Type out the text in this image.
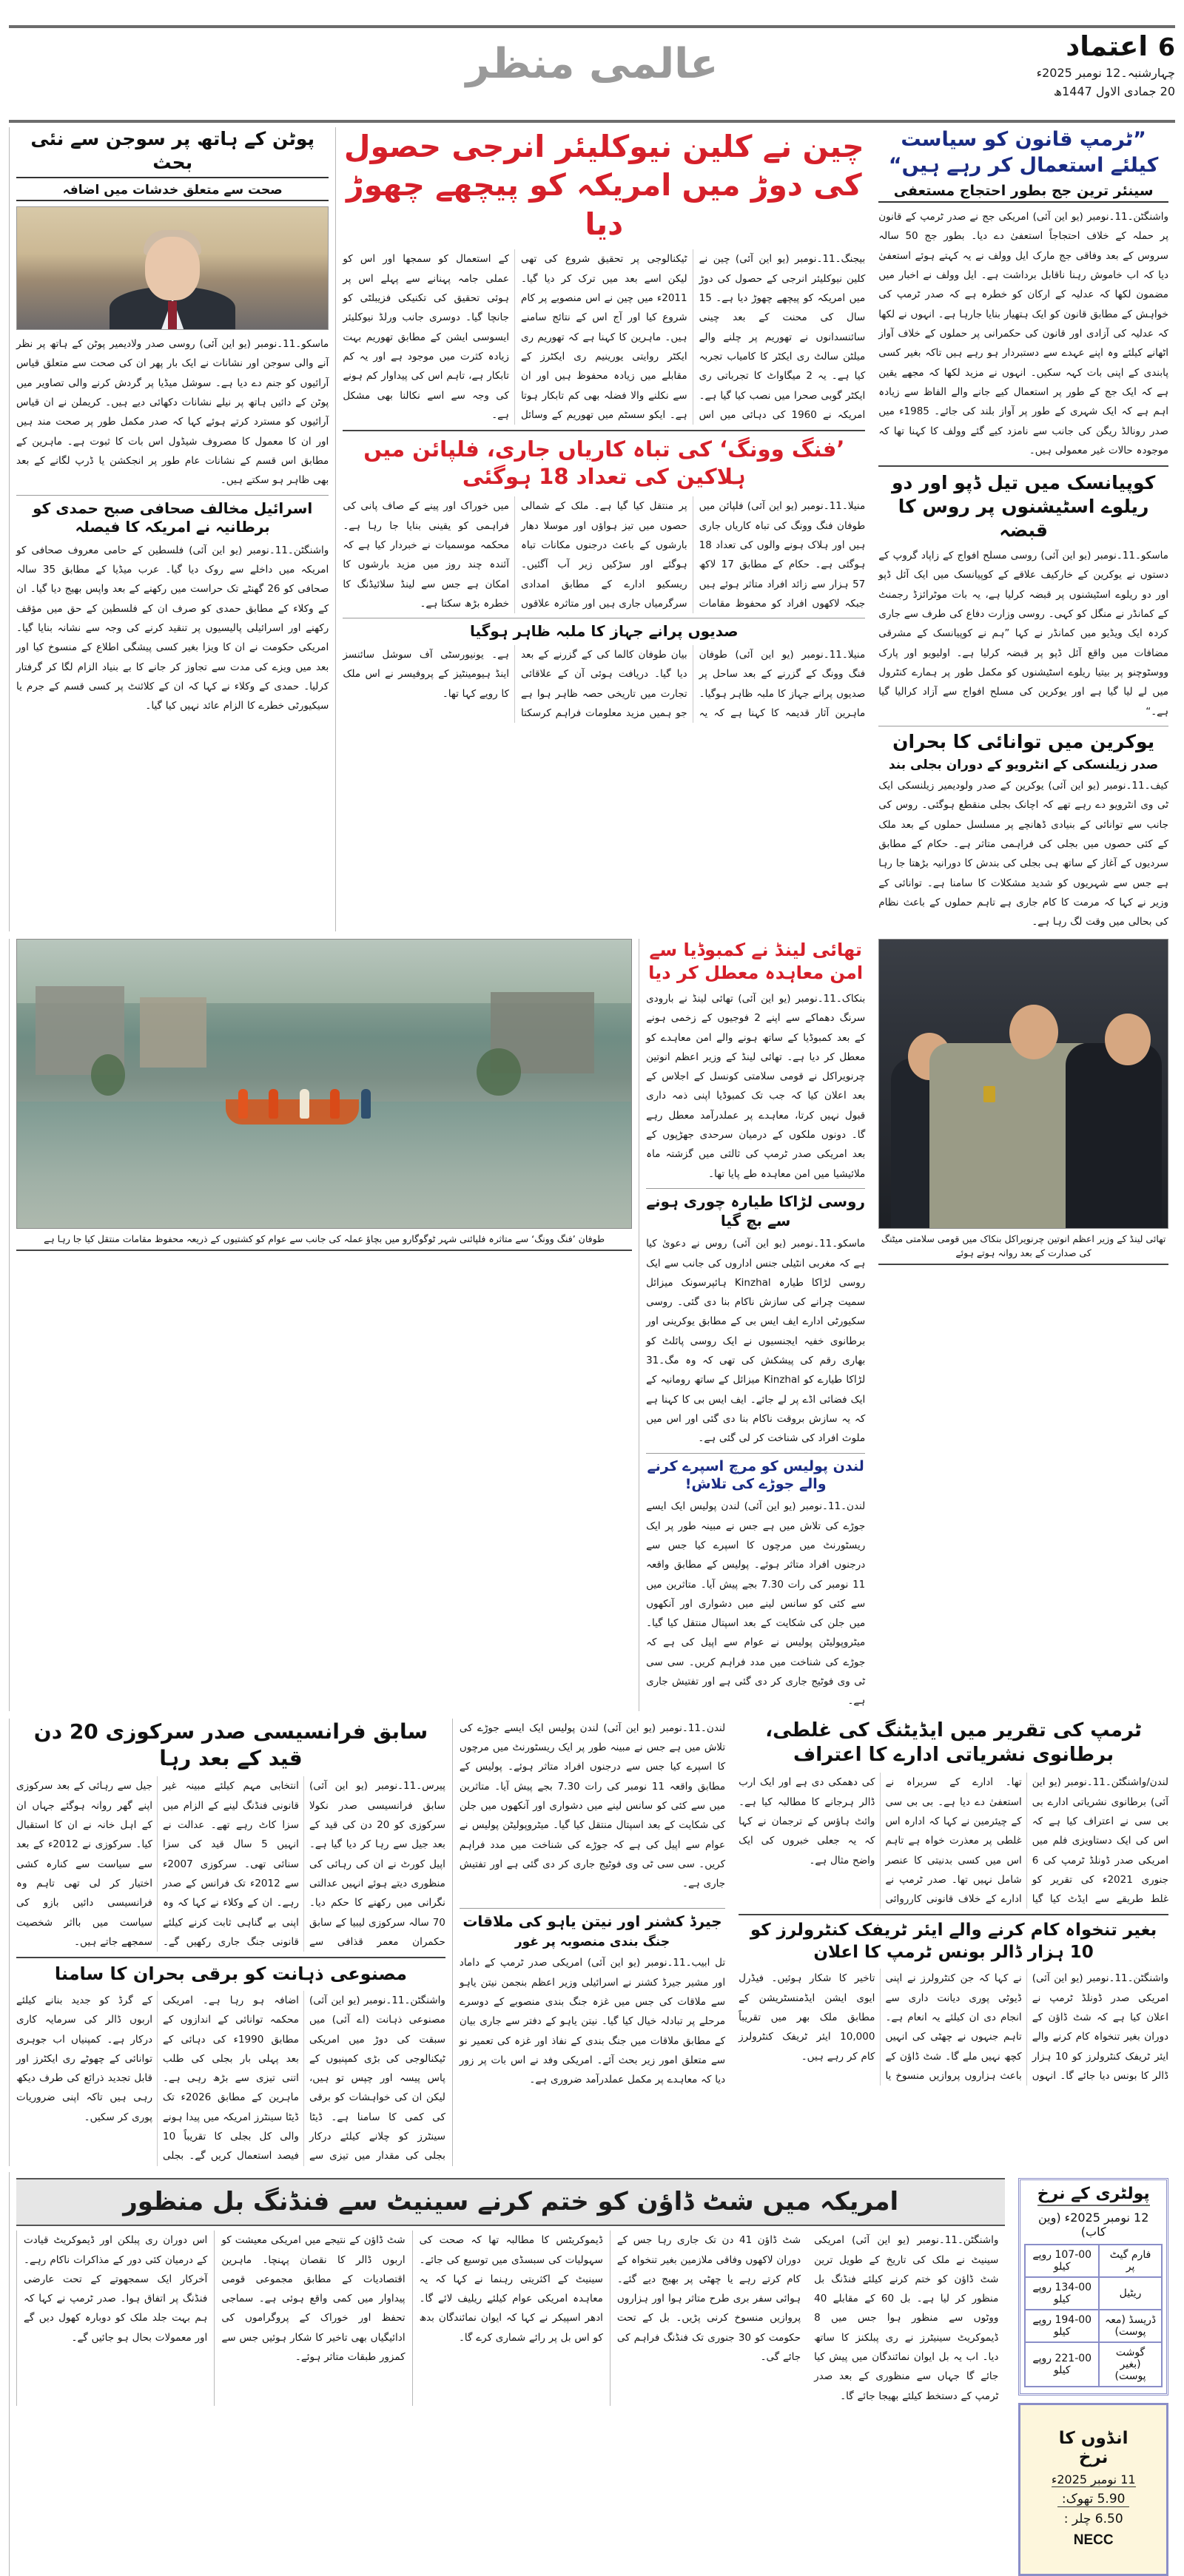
6اعتماد
چہارشنبہ۔12 نومبر 2025ء
20 جمادی الاول 1447ھ
عالمی منظر
”ٹرمپ قانون کو سیاست کیلئے استعمال کر رہے ہیں“
سینئر ترین جج بطور احتجاج مستعفی
واشنگٹن۔11۔نومبر (یو این آئی) امریکی جج نے صدر ٹرمپ کے قانون پر حملہ کے خلاف احتجاجاً استعفیٰ دے دیا۔ بطور جج 50 سالہ سروس کے بعد وفاقی جج مارک ایل وولف نے یہ کہتے ہوئے استعفیٰ دیا کہ اب خاموش رہنا ناقابل برداشت ہے۔ ایل وولف نے اخبار میں مضمون لکھا کہ عدلیہ کے ارکان کو خطرہ ہے کہ صدر ٹرمپ کی خواہش کے مطابق قانون کو ایک ہتھیار بنایا جارہا ہے۔ انہوں نے لکھا کہ عدلیہ کی آزادی اور قانون کی حکمرانی پر حملوں کے خلاف آواز اٹھانے کیلئے وہ اپنے عہدے سے دستبردار ہو رہے ہیں تاکہ بغیر کسی پابندی کے اپنی بات کہہ سکیں۔ انہوں نے مزید لکھا کہ مجھے یقین ہے کہ ایک جج کے طور پر استعمال کیے جانے والے الفاظ سے زیادہ اہم ہے کہ ایک شہری کے طور پر آواز بلند کی جائے۔ 1985ء میں صدر رونالڈ ریگن کی جانب سے نامزد کیے گئے وولف کا کہنا تھا کہ موجودہ حالات غیر معمولی ہیں۔
کوپیانسک میں تیل ڈپو اور دو ریلوے اسٹیشنوں پر روس کا قبضہ
ماسکو۔11۔نومبر (یو این آئی) روسی مسلح افواج کے زاپاد گروپ کے دستوں نے یوکرین کے خارکیف علاقے کے کوپیانسک میں ایک آئل ڈپو اور دو ریلوے اسٹیشنوں پر قبضہ کرلیا ہے، یہ بات موٹرائزڈ رجمنٹ کے کمانڈر نے منگل کو کہی۔ روسی وزارت دفاع کی طرف سے جاری کردہ ایک ویڈیو میں کمانڈر نے کہا ”ہم نے کوپیانسک کے مشرقی مضافات میں واقع آئل ڈپو پر قبضہ کرلیا ہے۔ اولیویو اور پارک ووسٹوچنو پر بیتیا ریلوے اسٹیشنوں کو مکمل طور پر ہمارے کنٹرول میں لے لیا گیا ہے اور یوکرین کی مسلح افواج سے آزاد کرالیا گیا ہے۔“
یوکرین میں توانائی کا بحران
صدر زیلنسکی کے انٹرویو کے دوران بجلی بند
کیف۔11۔نومبر (یو این آئی) یوکرین کے صدر ولودیمیر زیلنسکی ایک ٹی وی انٹرویو دے رہے تھے کہ اچانک بجلی منقطع ہوگئی۔ روس کی جانب سے توانائی کے بنیادی ڈھانچے پر مسلسل حملوں کے بعد ملک کے کئی حصوں میں بجلی کی فراہمی متاثر ہے۔ حکام کے مطابق سردیوں کے آغاز کے ساتھ ہی بجلی کی بندش کا دورانیہ بڑھتا جا رہا ہے جس سے شہریوں کو شدید مشکلات کا سامنا ہے۔ توانائی کے وزیر نے کہا کہ مرمت کا کام جاری ہے تاہم حملوں کے باعث نظام کی بحالی میں وقت لگ رہا ہے۔
چین نے کلین نیوکلیئر انرجی حصول کی دوڑ میں امریکہ کو پیچھے چھوڑ دیا
بیجنگ۔11۔نومبر (یو این آئی) چین نے کلین نیوکلیئر انرجی کے حصول کی دوڑ میں امریکہ کو پیچھے چھوڑ دیا ہے۔ 15 سال کی محنت کے بعد چینی سائنسدانوں نے تھوریم پر چلنے والے میلٹن سالٹ ری ایکٹر کا کامیاب تجربہ کیا ہے۔ یہ 2 میگاواٹ کا تجرباتی ری ایکٹر گوبی صحرا میں نصب کیا گیا ہے۔ امریکہ نے 1960 کی دہائی میں اس ٹیکنالوجی پر تحقیق شروع کی تھی لیکن اسے بعد میں ترک کر دیا گیا۔ 2011ء میں چین نے اس منصوبے پر کام شروع کیا اور آج اس کے نتائج سامنے ہیں۔ ماہرین کا کہنا ہے کہ تھوریم ری ایکٹر روایتی یورینیم ری ایکٹرز کے مقابلے میں زیادہ محفوظ ہیں اور ان سے نکلنے والا فضلہ بھی کم تابکار ہوتا ہے۔ ایکو سسٹم میں تھوریم کے وسائل کے استعمال کو سمجھا اور اس کو عملی جامہ پہنانے سے پہلے اس پر ہوئی تحقیق کی تکنیکی فزیبلٹی کو جانچا گیا۔ دوسری جانب ورلڈ نیوکلیئر ایسوسی ایشن کے مطابق تھوریم بہت زیادہ کثرت میں موجود ہے اور یہ کم تابکار ہے، تاہم اس کی پیداوار کم ہونے کی وجہ سے اسے نکالنا بھی مشکل ہے۔
’فنگ وونگ‘ کی تباہ کاریاں جاری، فلپائن میں ہلاکین کی تعداد 18 ہوگئی
منیلا۔11۔نومبر (یو این آئی) فلپائن میں طوفان فنگ وونگ کی تباہ کاریاں جاری ہیں اور ہلاک ہونے والوں کی تعداد 18 ہوگئی ہے۔ حکام کے مطابق 17 لاکھ 57 ہزار سے زائد افراد متاثر ہوئے ہیں جبکہ لاکھوں افراد کو محفوظ مقامات پر منتقل کیا گیا ہے۔ ملک کے شمالی حصوں میں تیز ہواؤں اور موسلا دھار بارشوں کے باعث درجنوں مکانات تباہ ہوگئے اور سڑکیں زیر آب آگئیں۔ ریسکیو ادارے کے مطابق امدادی سرگرمیاں جاری ہیں اور متاثرہ علاقوں میں خوراک اور پینے کے صاف پانی کی فراہمی کو یقینی بنایا جا رہا ہے۔ محکمہ موسمیات نے خبردار کیا ہے کہ آئندہ چند روز میں مزید بارشوں کا امکان ہے جس سے لینڈ سلائیڈنگ کا خطرہ بڑھ سکتا ہے۔
صدیوں پرانے جہاز کا ملبہ ظاہر ہوگیا
منیلا۔11۔نومبر (یو این آئی) طوفان فنگ وونگ کے گزرنے کے بعد ساحل پر صدیوں پرانے جہاز کا ملبہ ظاہر ہوگیا۔ ماہرین آثار قدیمہ کا کہنا ہے کہ یہ بیان طوفان کالما کی کے گزرنے کے بعد دیا گیا۔ دریافت ہوئی آن کے علاقائی تجارت میں تاریخی حصہ ظاہر ہوا ہے جو ہمیں مزید معلومات فراہم کرسکتا ہے۔ یونیورسٹی آف سوشل سائنسز اینڈ ہیومینٹیز کے پروفیسر نے اس ملک کا رویے کہا تھا۔
پوٹن کے ہاتھ پر سوجن سے نئی بحث
صحت سے متعلق خدشات میں اضافہ
ماسکو۔11۔نومبر (یو این آئی) روسی صدر ولادیمیر پوٹن کے ہاتھ پر نظر آنے والی سوجن اور نشانات نے ایک بار پھر ان کی صحت سے متعلق قیاس آرائیوں کو جنم دے دیا ہے۔ سوشل میڈیا پر گردش کرنے والی تصاویر میں پوٹن کے دائیں ہاتھ پر نیلے نشانات دکھائی دیے ہیں۔ کریملن نے ان قیاس آرائیوں کو مسترد کرتے ہوئے کہا کہ صدر مکمل طور پر صحت مند ہیں اور ان کا معمول کا مصروف شیڈول اس بات کا ثبوت ہے۔ ماہرین کے مطابق اس قسم کے نشانات عام طور پر انجکشن یا ڈرپ لگانے کے بعد بھی ظاہر ہو سکتے ہیں۔
اسرائیل مخالف صحافی صبح حمدی کو برطانیہ نے امریکہ کا فیصلہ
واشنگٹن۔11۔نومبر (یو این آئی) فلسطین کے حامی معروف صحافی کو امریکہ میں داخلے سے روک دیا گیا۔ عرب میڈیا کے مطابق 35 سالہ صحافی کو 26 گھنٹے تک حراست میں رکھنے کے بعد واپس بھیج دیا گیا۔ ان کے وکلاء کے مطابق حمدی کو صرف ان کے فلسطین کے حق میں مؤقف رکھنے اور اسرائیلی پالیسیوں پر تنقید کرنے کی وجہ سے نشانہ بنایا گیا۔ امریکی حکومت نے ان کا ویزا بغیر کسی پیشگی اطلاع کے منسوخ کیا اور بعد میں ویزے کی مدت سے تجاوز کر جانے کا بے بنیاد الزام لگا کر گرفتار کرلیا۔ حمدی کے وکلاء نے کہا کہ ان کے کلائنٹ پر کسی قسم کے جرم یا سیکیورٹی خطرے کا الزام عائد نہیں کیا گیا۔
تھائی لینڈ کے وزیر اعظم انوتین چرنویراکل بنکاک میں قومی سلامتی میٹنگ کی صدارت کے بعد روانہ ہوتے ہوئے
تھائی لینڈ نے کمبوڈیا سے امن معاہدہ معطل کر دیا
بنکاک۔11۔نومبر (یو این آئی) تھائی لینڈ نے بارودی سرنگ دھماکے سے اپنے 2 فوجیوں کے زخمی ہونے کے بعد کمبوڈیا کے ساتھ ہونے والے امن معاہدے کو معطل کر دیا ہے۔ تھائی لینڈ کے وزیر اعظم انوتین چرنویراکل نے قومی سلامتی کونسل کے اجلاس کے بعد اعلان کیا کہ جب تک کمبوڈیا اپنی ذمہ داری قبول نہیں کرتا، معاہدے پر عملدرآمد معطل رہے گا۔ دونوں ملکوں کے درمیان سرحدی جھڑپوں کے بعد امریکی صدر ٹرمپ کی ثالثی میں گزشتہ ماہ ملائیشیا میں امن معاہدہ طے پایا تھا۔
روسی لڑاکا طیارہ چوری ہونے سے بچ گیا
ماسکو۔11۔نومبر (یو این آئی) روس نے دعویٰ کیا ہے کہ مغربی انٹیلی جنس اداروں کی جانب سے ایک روسی لڑاکا طیارہ Kinzhal ہائپرسونک میزائل سمیت چرانے کی سازش ناکام بنا دی گئی۔ روسی سکیورٹی ادارے ایف ایس بی کے مطابق یوکرینی اور برطانوی خفیہ ایجنسیوں نے ایک روسی پائلٹ کو بھاری رقم کی پیشکش کی تھی کہ وہ مگ۔31 لڑاکا طیارے کو Kinzhal میزائل کے ساتھ رومانیہ کے ایک فضائی اڈے پر لے جائے۔ ایف ایس بی کا کہنا ہے کہ یہ سازش بروقت ناکام بنا دی گئی اور اس میں ملوث افراد کی شناخت کر لی گئی ہے۔
لندن پولیس کو مرچ اسپرے کرنے والے جوڑے کی تلاش!
لندن۔11۔نومبر (یو این آئی) لندن پولیس ایک ایسے جوڑے کی تلاش میں ہے جس نے مبینہ طور پر ایک ریسٹورنٹ میں مرچوں کا اسپرے کیا جس سے درجنوں افراد متاثر ہوئے۔ پولیس کے مطابق واقعہ 11 نومبر کی رات 7.30 بجے پیش آیا۔ متاثرین میں سے کئی کو سانس لینے میں دشواری اور آنکھوں میں جلن کی شکایت کے بعد اسپتال منتقل کیا گیا۔ میٹروپولیٹن پولیس نے عوام سے اپیل کی ہے کہ جوڑے کی شناخت میں مدد فراہم کریں۔ سی سی ٹی وی فوٹیج جاری کر دی گئی ہے اور تفتیش جاری ہے۔
طوفان ’فنگ وونگ‘ سے متاثرہ فلپائنی شہر ٹوگوگارو میں بچاؤ عملہ کی جانب سے عوام کو کشتیوں کے ذریعہ محفوظ مقامات منتقل کیا جا رہا ہے
ٹرمپ کی تقریر میں ایڈیٹنگ کی غلطی، برطانوی نشریاتی ادارے کا اعتراف
لندن/واشنگٹن۔11۔نومبر (یو این آئی) برطانوی نشریاتی ادارے بی بی سی نے اعتراف کیا ہے کہ اس کی ایک دستاویزی فلم میں امریکی صدر ڈونلڈ ٹرمپ کی 6 جنوری 2021ء کی تقریر کو غلط طریقے سے ایڈٹ کیا گیا تھا۔ ادارے کے سربراہ نے استعفیٰ دے دیا ہے۔ بی بی سی کے چیئرمین نے کہا کہ ادارہ اس غلطی پر معذرت خواہ ہے تاہم اس میں کسی بدنیتی کا عنصر شامل نہیں تھا۔ صدر ٹرمپ نے ادارے کے خلاف قانونی کارروائی کی دھمکی دی ہے اور ایک ارب ڈالر ہرجانے کا مطالبہ کیا ہے۔ وائٹ ہاؤس کے ترجمان نے کہا کہ یہ جعلی خبروں کی ایک واضح مثال ہے۔
بغیر تنخواہ کام کرنے والے ایئر ٹریفک کنٹرولرز کو 10 ہزار ڈالر بونس ٹرمپ کا اعلان
واشنگٹن۔11۔نومبر (یو این آئی) امریکی صدر ڈونلڈ ٹرمپ نے اعلان کیا ہے کہ شٹ ڈاؤن کے دوران بغیر تنخواہ کام کرنے والے ایئر ٹریفک کنٹرولرز کو 10 ہزار ڈالر کا بونس دیا جائے گا۔ انہوں نے کہا کہ جن کنٹرولرز نے اپنی ڈیوٹی پوری دیانت داری سے انجام دی ان کیلئے یہ انعام ہے۔ تاہم جنہوں نے چھٹی کی انہیں کچھ نہیں ملے گا۔ شٹ ڈاؤن کے باعث ہزاروں پروازیں منسوخ یا تاخیر کا شکار ہوئیں۔ فیڈرل ایوی ایشن ایڈمنسٹریشن کے مطابق ملک بھر میں تقریباً 10,000 ایئر ٹریفک کنٹرولرز کام کر رہے ہیں۔
لندن۔11۔نومبر (یو این آئی) لندن پولیس ایک ایسے جوڑے کی تلاش میں ہے جس نے مبینہ طور پر ایک ریسٹورنٹ میں مرچوں کا اسپرے کیا جس سے درجنوں افراد متاثر ہوئے۔ پولیس کے مطابق واقعہ 11 نومبر کی رات 7.30 بجے پیش آیا۔ متاثرین میں سے کئی کو سانس لینے میں دشواری اور آنکھوں میں جلن کی شکایت کے بعد اسپتال منتقل کیا گیا۔ میٹروپولیٹن پولیس نے عوام سے اپیل کی ہے کہ جوڑے کی شناخت میں مدد فراہم کریں۔ سی سی ٹی وی فوٹیج جاری کر دی گئی ہے اور تفتیش جاری ہے۔
جیرڈ کشنر اور نیتن یاہو کی ملاقات
جنگ بندی منصوبہ پر غور
تل ابیب۔11۔نومبر (یو این آئی) امریکی صدر ٹرمپ کے داماد اور مشیر جیرڈ کشنر نے اسرائیلی وزیر اعظم بنجمن نیتن یاہو سے ملاقات کی جس میں غزہ جنگ بندی منصوبے کے دوسرے مرحلے پر تبادلہ خیال کیا گیا۔ نیتن یاہو کے دفتر سے جاری بیان کے مطابق ملاقات میں جنگ بندی کے نفاذ اور غزہ کی تعمیر نو سے متعلق امور زیر بحث آئے۔ امریکی وفد نے اس بات پر زور دیا کہ معاہدے پر مکمل عملدرآمد ضروری ہے۔
سابق فرانسیسی صدر سرکوزی 20 دن قید کے بعد رہا
پیرس۔11۔نومبر (یو این آئی) سابق فرانسیسی صدر نکولا سرکوزی کو 20 دن کی قید کے بعد جیل سے رہا کر دیا گیا ہے۔ اپیل کورٹ نے ان کی رہائی کی منظوری دیتے ہوئے انہیں عدالتی نگرانی میں رکھنے کا حکم دیا۔ 70 سالہ سرکوزی لیبیا کے سابق حکمران معمر قذافی سے انتخابی مہم کیلئے مبینہ غیر قانونی فنڈنگ لینے کے الزام میں سزا کاٹ رہے تھے۔ عدالت نے انہیں 5 سال قید کی سزا سنائی تھی۔ سرکوزی 2007ء سے 2012ء تک فرانس کے صدر رہے۔ ان کے وکلاء نے کہا کہ وہ اپنی بے گناہی ثابت کرنے کیلئے قانونی جنگ جاری رکھیں گے۔ جیل سے رہائی کے بعد سرکوزی اپنے گھر روانہ ہوگئے جہاں ان کے اہل خانہ نے ان کا استقبال کیا۔ سرکوزی نے 2012ء کے بعد سے سیاست سے کنارہ کشی اختیار کر لی تھی تاہم وہ فرانسیسی دائیں بازو کی سیاست میں بااثر شخصیت سمجھے جاتے ہیں۔
مصنوعی ذہانت کو برقی بحران کا سامنا
واشنگٹن۔11۔نومبر (یو این آئی) مصنوعی ذہانت (اے آئی) میں سبقت کی دوڑ میں امریکی ٹیکنالوجی کی بڑی کمپنیوں کے پاس پیسہ اور چپس تو ہیں، لیکن ان کی خواہشات کو برقی کی کمی کا سامنا ہے۔ ڈیٹا سینٹرز کو چلانے کیلئے درکار بجلی کی مقدار میں تیزی سے اضافہ ہو رہا ہے۔ امریکی محکمہ توانائی کے اندازوں کے مطابق 1990ء کی دہائی کے بعد پہلی بار بجلی کی طلب اتنی تیزی سے بڑھ رہی ہے۔ ماہرین کے مطابق 2026ء تک ڈیٹا سینٹرز امریکہ میں پیدا ہونے والی کل بجلی کا تقریباً 10 فیصد استعمال کریں گے۔ بجلی کے گرڈ کو جدید بنانے کیلئے اربوں ڈالر کی سرمایہ کاری درکار ہے۔ کمپنیاں اب جوہری توانائی کے چھوٹے ری ایکٹرز اور قابل تجدید ذرائع کی طرف دیکھ رہی ہیں تاکہ اپنی ضروریات پوری کر سکیں۔
پولٹری کے نرخ
12 نومبر 2025ء (وین کاب)
فارم گیٹ پر	107-00 روپے کیلو
ریٹیل	134-00 روپے کیلو
ڈریسڈ (معہ پوست)	194-00 روپے کیلو
گوشت (بغیر پوست)	221-00 روپے کیلو
انڈوں کا نرخ
11 نومبر 2025ء 5.90 تھوک: 6.50 چلر :
NECC
امریکہ میں شٹ ڈاؤن کو ختم کرنے سینیٹ سے فنڈنگ بل منظور
واشنگٹن۔11۔نومبر (یو این آئی) امریکی سینیٹ نے ملک کی تاریخ کے طویل ترین شٹ ڈاؤن کو ختم کرنے کیلئے فنڈنگ بل منظور کر لیا ہے۔ بل 60 کے مقابلے 40 ووٹوں سے منظور ہوا جس میں 8 ڈیموکریٹ سینیٹرز نے ری پبلکنز کا ساتھ دیا۔ اب یہ بل ایوان نمائندگان میں پیش کیا جائے گا جہاں سے منظوری کے بعد صدر ٹرمپ کے دستخط کیلئے بھیجا جائے گا۔
شٹ ڈاؤن 41 دن تک جاری رہا جس کے دوران لاکھوں وفاقی ملازمین بغیر تنخواہ کے کام کرتے رہے یا چھٹی پر بھیج دیے گئے۔ ہوائی سفر بری طرح متاثر ہوا اور ہزاروں پروازیں منسوخ کرنی پڑیں۔ بل کے تحت حکومت کو 30 جنوری تک فنڈنگ فراہم کی جائے گی۔
ڈیموکریٹس کا مطالبہ تھا کہ صحت کی سہولیات کی سبسڈی میں توسیع کی جائے۔ سینیٹ کے اکثریتی رہنما نے کہا کہ یہ معاہدہ امریکی عوام کیلئے ریلیف لائے گا۔ ادھر اسپیکر نے کہا کہ ایوان نمائندگان بدھ کو اس بل پر رائے شماری کرے گا۔
شٹ ڈاؤن کے نتیجے میں امریکی معیشت کو اربوں ڈالر کا نقصان پہنچا۔ ماہرین اقتصادیات کے مطابق مجموعی قومی پیداوار میں کمی واقع ہوئی ہے۔ سماجی تحفظ اور خوراک کے پروگراموں کی ادائیگیاں بھی تاخیر کا شکار ہوئیں جس سے کمزور طبقات متاثر ہوئے۔
اس دوران ری پبلکن اور ڈیموکریٹ قیادت کے درمیان کئی دور کے مذاکرات ناکام رہے۔ آخرکار ایک سمجھوتے کے تحت عارضی فنڈنگ پر اتفاق ہوا۔ صدر ٹرمپ نے کہا کہ ہم بہت جلد ملک کو دوبارہ کھول دیں گے اور معمولات بحال ہو جائیں گے۔
